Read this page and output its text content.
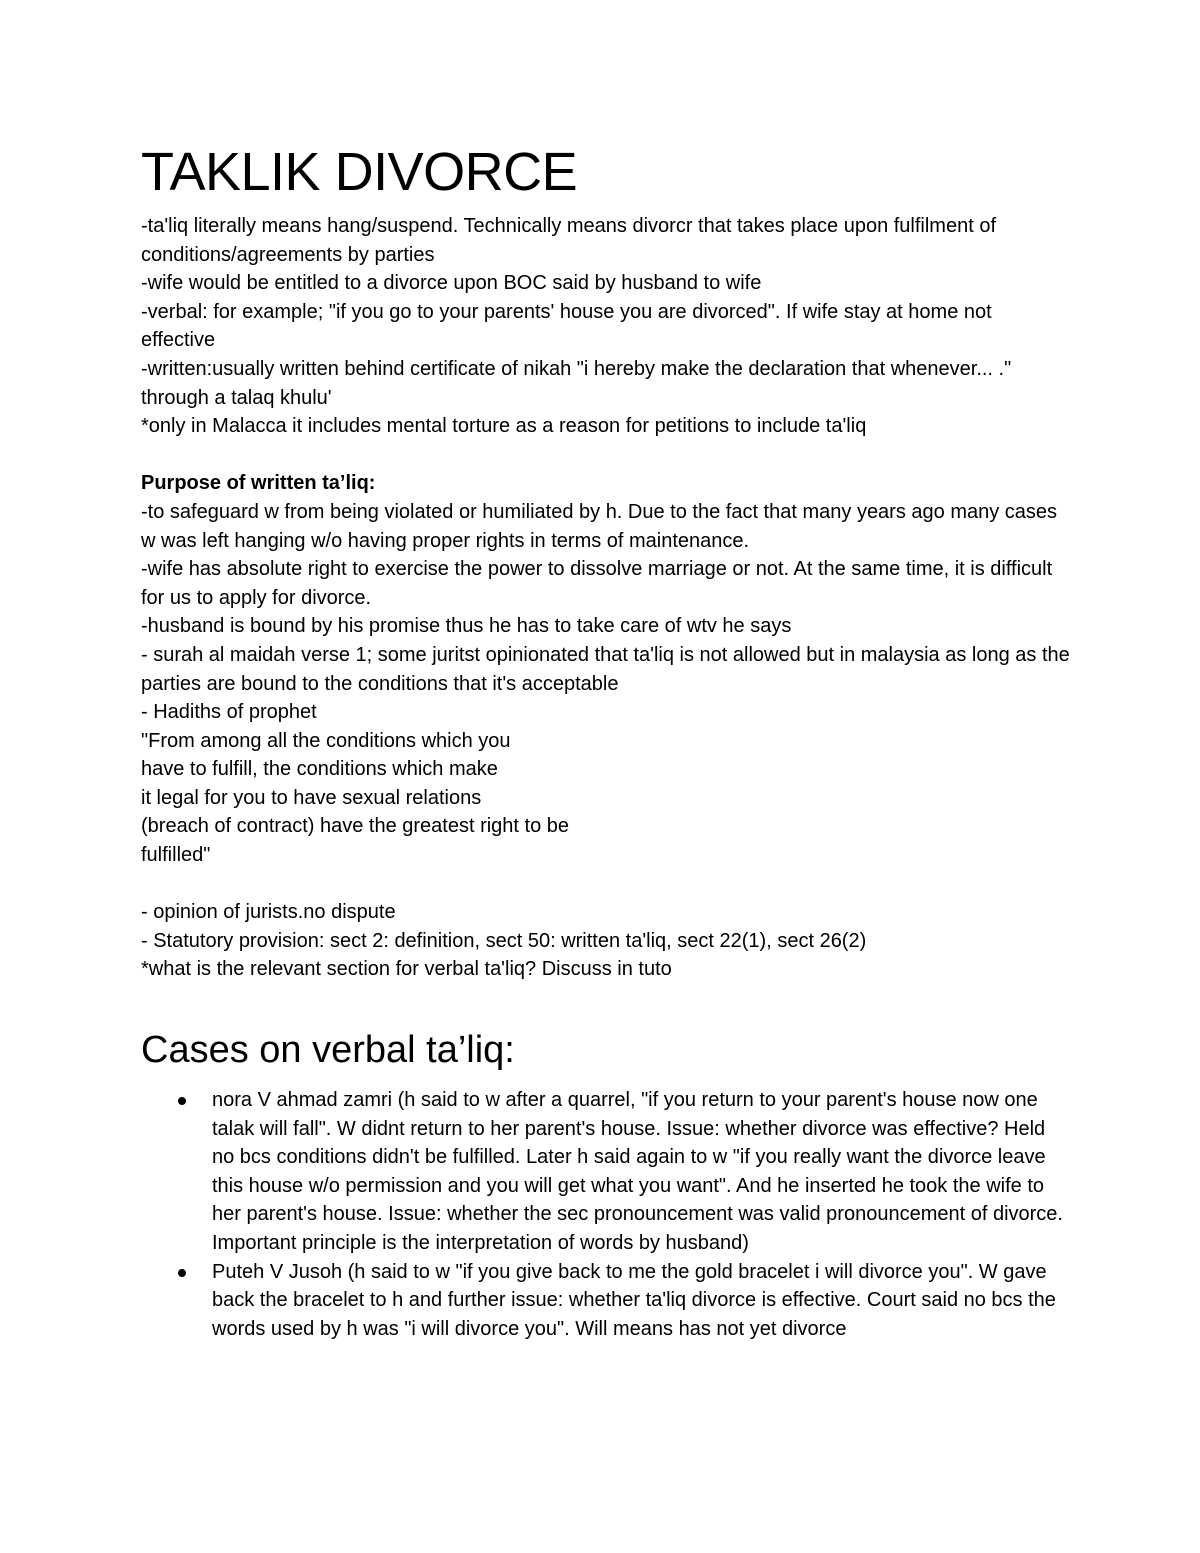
TAKLIK DIVORCE

-ta'liq literally means hang/suspend. Technically means divorcr that takes place upon fulfilment of conditions/agreements by parties

-wife would be entitled to a divorce upon BOC said by husband to wife

-verbal: for example; "if you go to your parents' house you are divorced". If wife stay at home not effective

-written:usually written behind certificate of nikah "i hereby make the declaration that whenever... ." through a talaq khulu'

*only in Malacca it includes mental torture as a reason for petitions to include ta'liq

Purpose of written ta’liq:

-to safeguard w from being violated or humiliated by h. Due to the fact that many years ago many cases w was left hanging w/o having proper rights in terms of maintenance.

-wife has absolute right to exercise the power to dissolve marriage or not. At the same time, it is difficult for us to apply for divorce.

-husband is bound by his promise thus he has to take care of wtv he says

- surah al maidah verse 1; some juritst opinionated that ta'liq is not allowed but in malaysia as long as the parties are bound to the conditions that it's acceptable

- Hadiths of prophet

"From among all the conditions which you
have to fulfill, the conditions which make
it legal for you to have sexual relations
(breach of contract) have the greatest right to be
fulfilled"

- opinion of jurists.no dispute

- Statutory provision: sect 2: definition, sect 50: written ta'liq, sect 22(1), sect 26(2)

*what is the relevant section for verbal ta'liq? Discuss in tuto

Cases on verbal ta’liq:
nora V ahmad zamri (h said to w after a quarrel, "if you return to your parent's house now one talak will fall". W didnt return to her parent's house. Issue: whether divorce was effective? Held no bcs conditions didn't be fulfilled. Later h said again to w "if you really want the divorce leave this house w/o permission and you will get what you want". And he inserted he took the wife to her parent's house. Issue: whether the sec pronouncement was valid pronouncement of divorce. Important principle is the interpretation of words by husband)
Puteh V Jusoh (h said to w "if you give back to me the gold bracelet i will divorce you". W gave back the bracelet to h and further issue: whether ta'liq divorce is effective. Court said no bcs the words used by h was "i will divorce you". Will means has not yet divorce
